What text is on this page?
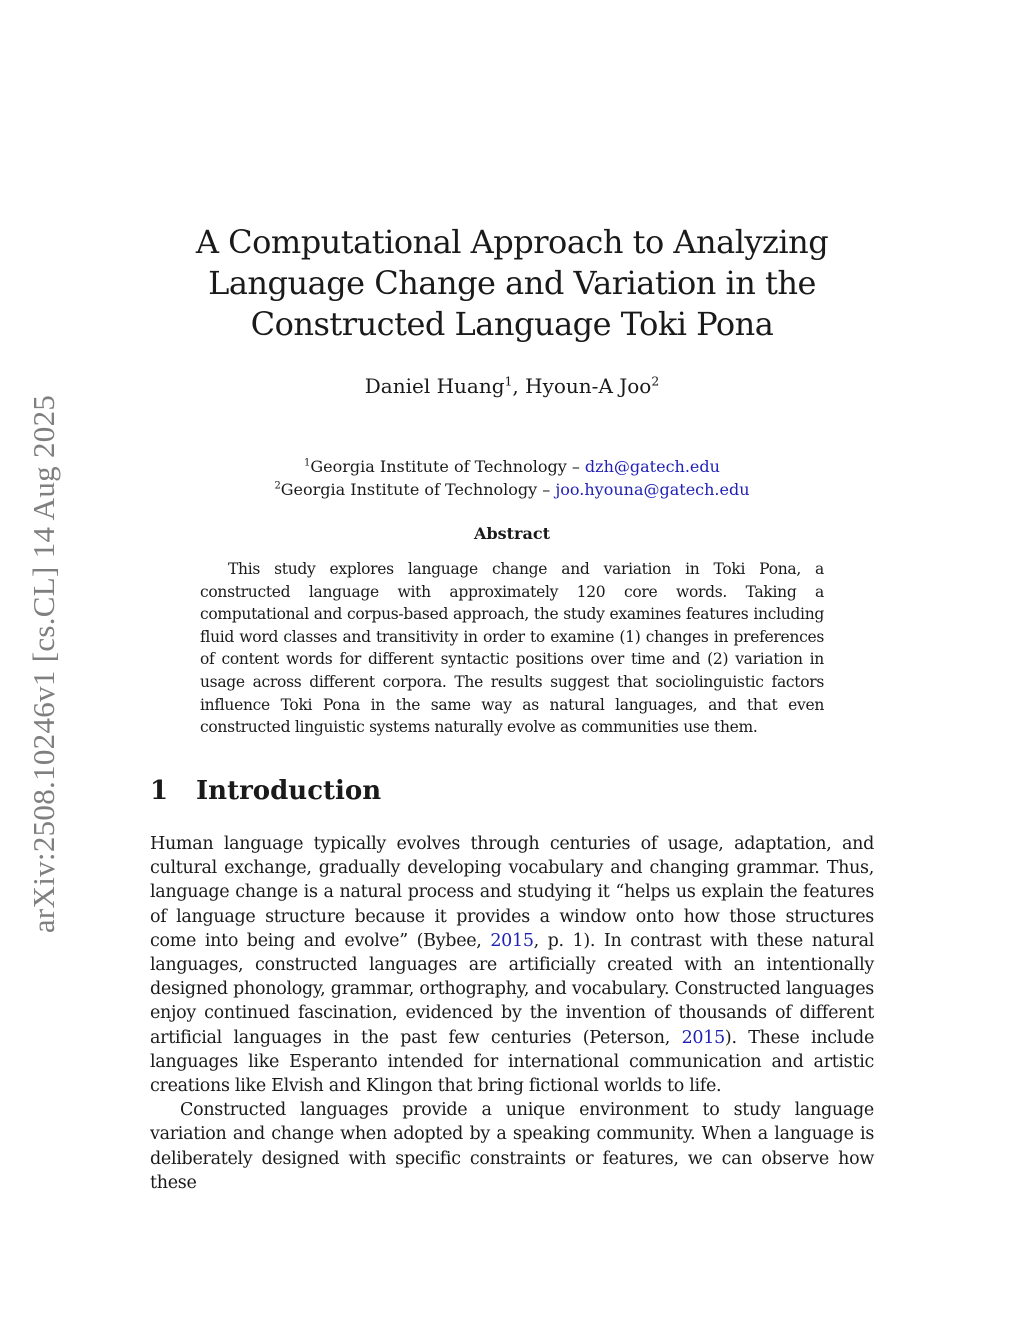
arXiv:2508.10246v1 [cs.CL] 14 Aug 2025
A Computational Approach to Analyzing
Language Change and Variation in the
Constructed Language Toki Pona
Daniel Huang$^1$, Hyoun-A Joo$^2$
$^1$Georgia Institute of Technology – dzh@gatech.edu
$^2$Georgia Institute of Technology – joo.hyouna@gatech.edu
Abstract

This study explores language change and variation in Toki Pona, a constructed language with approximately 120 core words. Taking a computational and corpus-based approach, the study examines features including fluid word classes and transitivity in order to examine (1) changes in preferences of content words for different syntactic positions over time and (2) variation in usage across different corpora. The results suggest that sociolinguistic factors influence Toki Pona in the same way as natural languages, and that even constructed linguistic systems naturally evolve as communities use them.

1	Introduction

Human language typically evolves through centuries of usage, adaptation, and cultural exchange, gradually developing vocabulary and changing grammar. Thus, language change is a natural process and studying it “helps us explain the features of language structure because it provides a window onto how those structures come into being and evolve” (Bybee, 2015, p. 1). In contrast with these natural languages, constructed languages are artificially created with an intentionally designed phonology, grammar, orthography, and vocabulary. Constructed languages enjoy continued fascination, evidenced by the invention of thousands of different artificial languages in the past few centuries (Peterson, 2015). These include languages like Esperanto intended for international communication and artistic creations like Elvish and Klingon that bring fictional worlds to life.

Constructed languages provide a unique environment to study language variation and change when adopted by a speaking community. When a language is deliberately designed with specific constraints or features, we can observe how these
